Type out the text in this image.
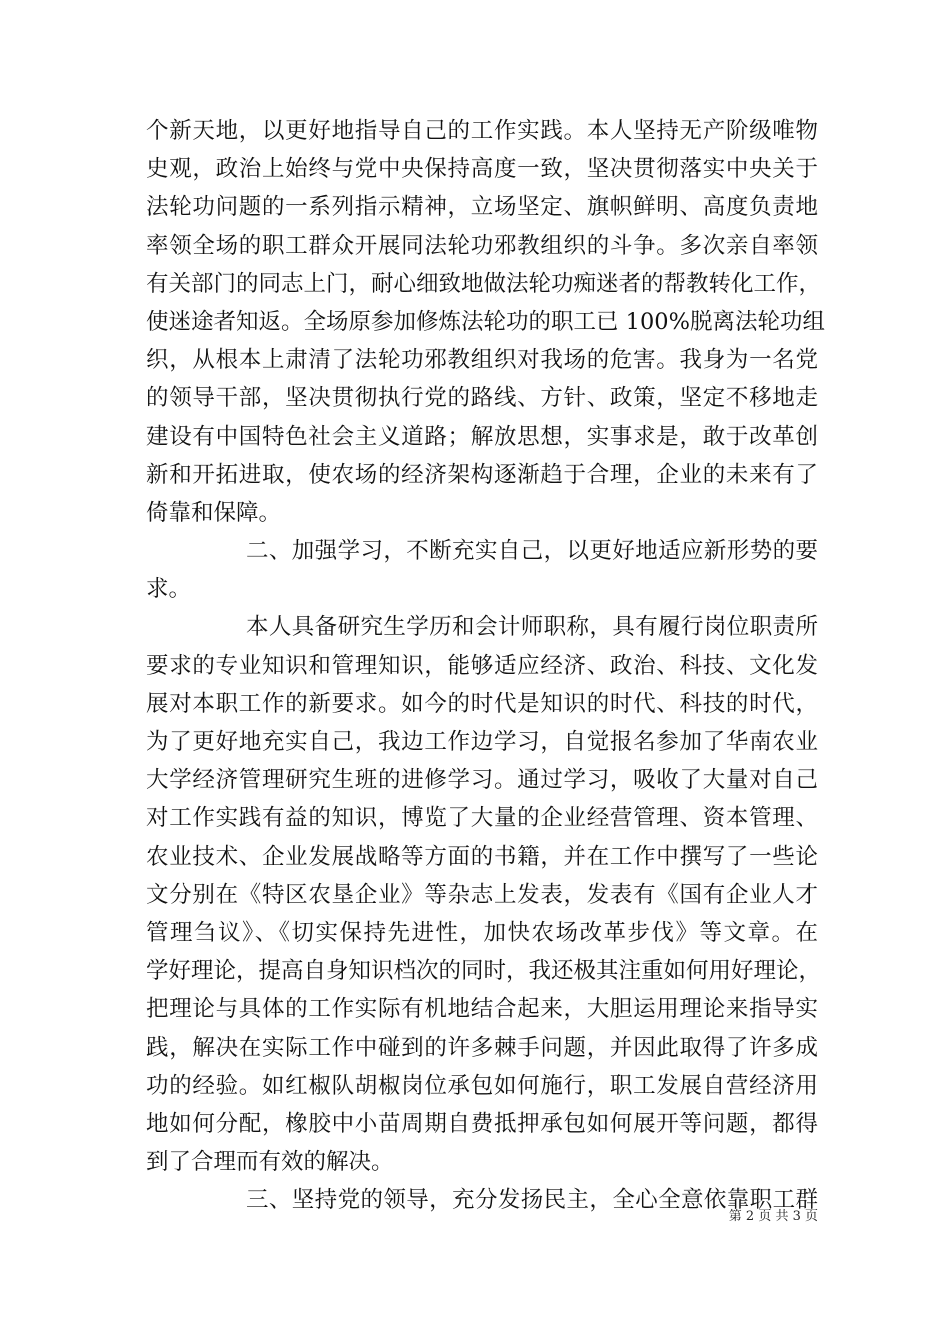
个新天地，以更好地指导自己的工作实践。本人坚持无产阶级唯物
史观，政治上始终与党中央保持高度一致，坚决贯彻落实中央关于
法轮功问题的一系列指示精神，立场坚定、旗帜鲜明、高度负责地
率领全场的职工群众开展同法轮功邪教组织的斗争。多次亲自率领
有关部门的同志上门，耐心细致地做法轮功痴迷者的帮教转化工作，
使迷途者知返。全场原参加修炼法轮功的职工已 100%脱离法轮功组
织，从根本上肃清了法轮功邪教组织对我场的危害。我身为一名党
的领导干部，坚决贯彻执行党的路线、方针、政策，坚定不移地走
建设有中国特色社会主义道路；解放思想，实事求是，敢于改革创
新和开拓进取，使农场的经济架构逐渐趋于合理，企业的未来有了
倚靠和保障。
二、加强学习，不断充实自己，以更好地适应新形势的要
求。
本人具备研究生学历和会计师职称，具有履行岗位职责所
要求的专业知识和管理知识，能够适应经济、政治、科技、文化发
展对本职工作的新要求。如今的时代是知识的时代、科技的时代，
为了更好地充实自己，我边工作边学习，自觉报名参加了华南农业
大学经济管理研究生班的进修学习。通过学习，吸收了大量对自己
对工作实践有益的知识，博览了大量的企业经营管理、资本管理、
农业技术、企业发展战略等方面的书籍，并在工作中撰写了一些论
文分别在《特区农垦企业》等杂志上发表，发表有《国有企业人才
管理刍议》、《切实保持先进性，加快农场改革步伐》等文章。在
学好理论，提高自身知识档次的同时，我还极其注重如何用好理论，
把理论与具体的工作实际有机地结合起来，大胆运用理论来指导实
践，解决在实际工作中碰到的许多棘手问题，并因此取得了许多成
功的经验。如红椒队胡椒岗位承包如何施行，职工发展自营经济用
地如何分配，橡胶中小苗周期自费抵押承包如何展开等问题，都得
到了合理而有效的解决。
三、坚持党的领导，充分发扬民主，全心全意依靠职工群
第 2 页 共 3 页
